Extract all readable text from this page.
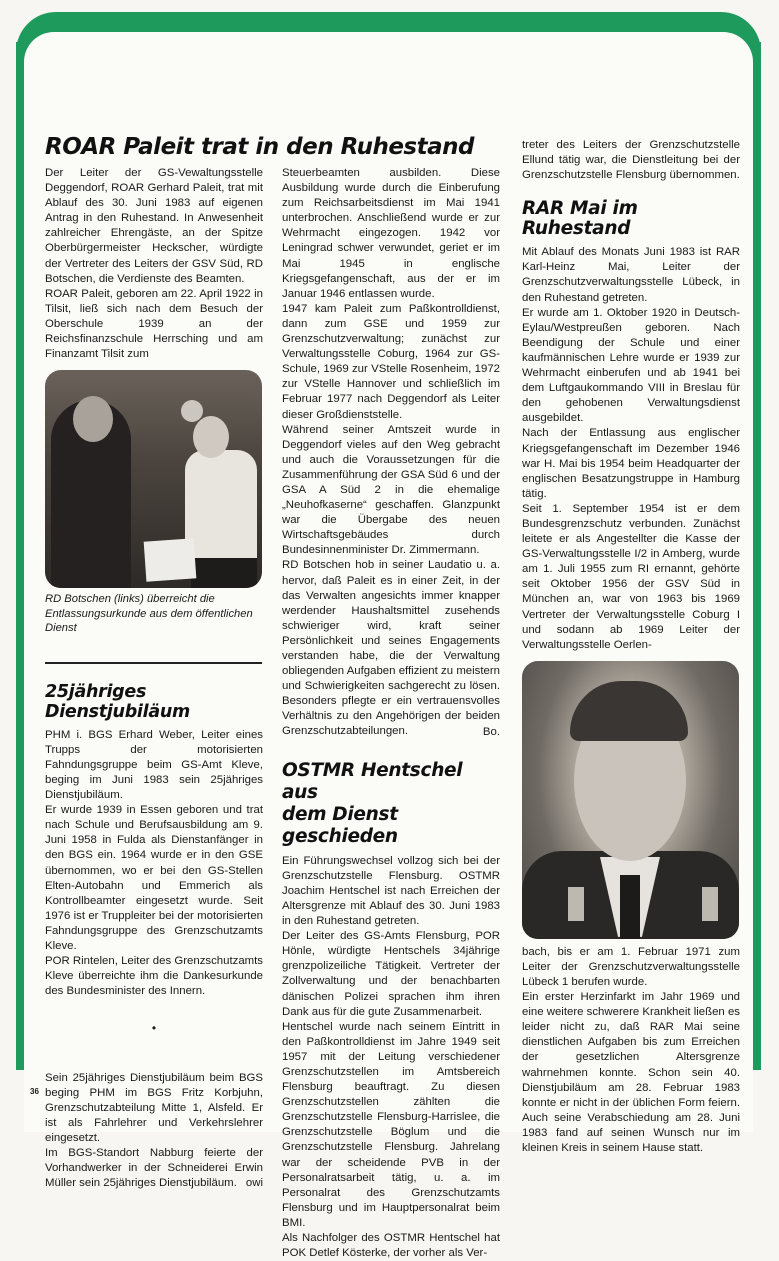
ROAR Paleit trat in den Ruhestand

Der Leiter der GS-Vewaltungsstelle Deggendorf, ROAR Gerhard Paleit, trat mit Ablauf des 30. Juni 1983 auf eigenen Antrag in den Ruhestand. In Anwesenheit zahlreicher Ehrengäste, an der Spitze Oberbürgermeister Heckscher, würdigte der Vertreter des Leiters der GSV Süd, RD Botschen, die Verdienste des Beamten.

ROAR Paleit, geboren am 22. April 1922 in Tilsit, ließ sich nach dem Besuch der Oberschule 1939 an der Reichsfinanzschule Herrsching und am Finanzamt Tilsit zum

RD Botschen (links) überreicht die Entlassungsurkunde aus dem öffentlichen Dienst
25jähriges
Dienstjubiläum

PHM i. BGS Erhard Weber, Leiter eines Trupps der motorisierten Fahndungsgruppe beim GS-Amt Kleve, beging im Juni 1983 sein 25jähriges Dienstjubiläum.

Er wurde 1939 in Essen geboren und trat nach Schule und Berufsausbildung am 9. Juni 1958 in Fulda als Dienstanfänger in den BGS ein. 1964 wurde er in den GSE übernommen, wo er bei den GS-Stellen Elten-Autobahn und Emmerich als Kontrollbeamter eingesetzt wurde. Seit 1976 ist er Truppleiter bei der motorisierten Fahndungsgruppe des Grenzschutzamts Kleve.

POR Rintelen, Leiter des Grenzschutzamts Kleve überreichte ihm die Dankesurkunde des Bundesminister des Innern.

•

Sein 25jähriges Dienstjubiläum beim BGS beging PHM im BGS Fritz Korbjuhn, Grenzschutzabteilung Mitte 1, Alsfeld. Er ist als Fahrlehrer und Verkehrslehrer eingesetzt.

Im BGS-Standort Nabburg feierte der Vorhandwerker in der Schneiderei Erwin Müller sein 25jähriges Dienstjubiläum. owi

Steuerbeamten ausbilden. Diese Ausbildung wurde durch die Einberufung zum Reichsarbeitsdienst im Mai 1941 unterbrochen. Anschließend wurde er zur Wehrmacht eingezogen. 1942 vor Leningrad schwer verwundet, geriet er im Mai 1945 in englische Kriegsgefangenschaft, aus der er im Januar 1946 entlassen wurde.

1947 kam Paleit zum Paßkontrolldienst, dann zum GSE und 1959 zur Grenzschutzverwaltung; zunächst zur Verwaltungsstelle Coburg, 1964 zur GS-Schule, 1969 zur VStelle Rosenheim, 1972 zur VStelle Hannover und schließlich im Februar 1977 nach Deggendorf als Leiter dieser Großdienststelle.

Während seiner Amtszeit wurde in Deggendorf vieles auf den Weg gebracht und auch die Voraussetzungen für die Zusammenführung der GSA Süd 6 und der GSA A Süd 2 in die ehemalige „Neuhofkaserne“ geschaffen. Glanzpunkt war die Übergabe des neuen Wirtschaftsgebäudes durch Bundesinnenminister Dr. Zimmermann.

RD Botschen hob in seiner Laudatio u. a. hervor, daß Paleit es in einer Zeit, in der das Verwalten angesichts immer knapper werdender Haushaltsmittel zusehends schwieriger wird, kraft seiner Persönlichkeit und seines Engagements verstanden habe, die der Verwaltung obliegenden Aufgaben effizient zu meistern und Schwierigkeiten sachgerecht zu lösen. Besonders pflegte er ein vertrauensvolles Verhältnis zu den Angehörigen der beiden Grenzschutzabteilungen.	Bo.
OSTMR Hentschel aus
dem Dienst geschieden

Ein Führungswechsel vollzog sich bei der Grenzschutzstelle Flensburg. OSTMR Joachim Hentschel ist nach Erreichen der Altersgrenze mit Ablauf des 30. Juni 1983 in den Ruhestand getreten.

Der Leiter des GS-Amts Flensburg, POR Hönle, würdigte Hentschels 34jährige grenzpolizeiliche Tätigkeit. Vertreter der Zollverwaltung und der benachbarten dänischen Polizei sprachen ihm ihren Dank aus für die gute Zusammenarbeit.

Hentschel wurde nach seinem Eintritt in den Paßkontrolldienst im Jahre 1949 seit 1957 mit der Leitung verschiedener Grenzschutzstellen im Amtsbereich Flensburg beauftragt. Zu diesen Grenzschutzstellen zählten die Grenzschutzstelle Flensburg-Harrislee, die Grenzschutzstelle Böglum und die Grenzschutzstelle Flensburg. Jahrelang war der scheidende PVB in der Personalratsarbeit tätig, u. a. im Personalrat des Grenzschutzamts Flensburg und im Hauptpersonalrat beim BMI.

Als Nachfolger des OSTMR Hentschel hat POK Detlef Kösterke, der vorher als Ver-

treter des Leiters der Grenzschutzstelle Ellund tätig war, die Dienstleitung bei der Grenzschutzstelle Flensburg übernommen.

RAR Mai im Ruhestand

Mit Ablauf des Monats Juni 1983 ist RAR Karl-Heinz Mai, Leiter der Grenzschutzverwaltungsstelle Lübeck, in den Ruhestand getreten.

Er wurde am 1. Oktober 1920 in Deutsch-Eylau/Westpreußen geboren. Nach Beendigung der Schule und einer kaufmännischen Lehre wurde er 1939 zur Wehrmacht einberufen und ab 1941 bei dem Luftgaukommando VIII in Breslau für den gehobenen Verwaltungsdienst ausgebildet.

Nach der Entlassung aus englischer Kriegsgefangenschaft im Dezember 1946 war H. Mai bis 1954 beim Headquarter der englischen Besatzungstruppe in Hamburg tätig.

Seit 1. September 1954 ist er dem Bundesgrenzschutz verbunden. Zunächst leitete er als Angestellter die Kasse der GS-Verwaltungsstelle I/2 in Amberg, wurde am 1. Juli 1955 zum RI ernannt, gehörte seit Oktober 1956 der GSV Süd in München an, war von 1963 bis 1969 Vertreter der Verwaltungsstelle Coburg I und sodann ab 1969 Leiter der Verwaltungsstelle Oerlen-

bach, bis er am 1. Februar 1971 zum Leiter der Grenzschutzverwaltungsstelle Lübeck 1 berufen wurde.

Ein erster Herzinfarkt im Jahr 1969 und eine weitere schwerere Krankheit ließen es leider nicht zu, daß RAR Mai seine dienstlichen Aufgaben bis zum Erreichen der gesetzlichen Altersgrenze wahrnehmen konnte. Schon sein 40. Dienstjubiläum am 28. Februar 1983 konnte er nicht in der üblichen Form feiern. Auch seine Verabschiedung am 28. Juni 1983 fand auf seinen Wunsch nur im kleinen Kreis in seinem Hause statt.

36
